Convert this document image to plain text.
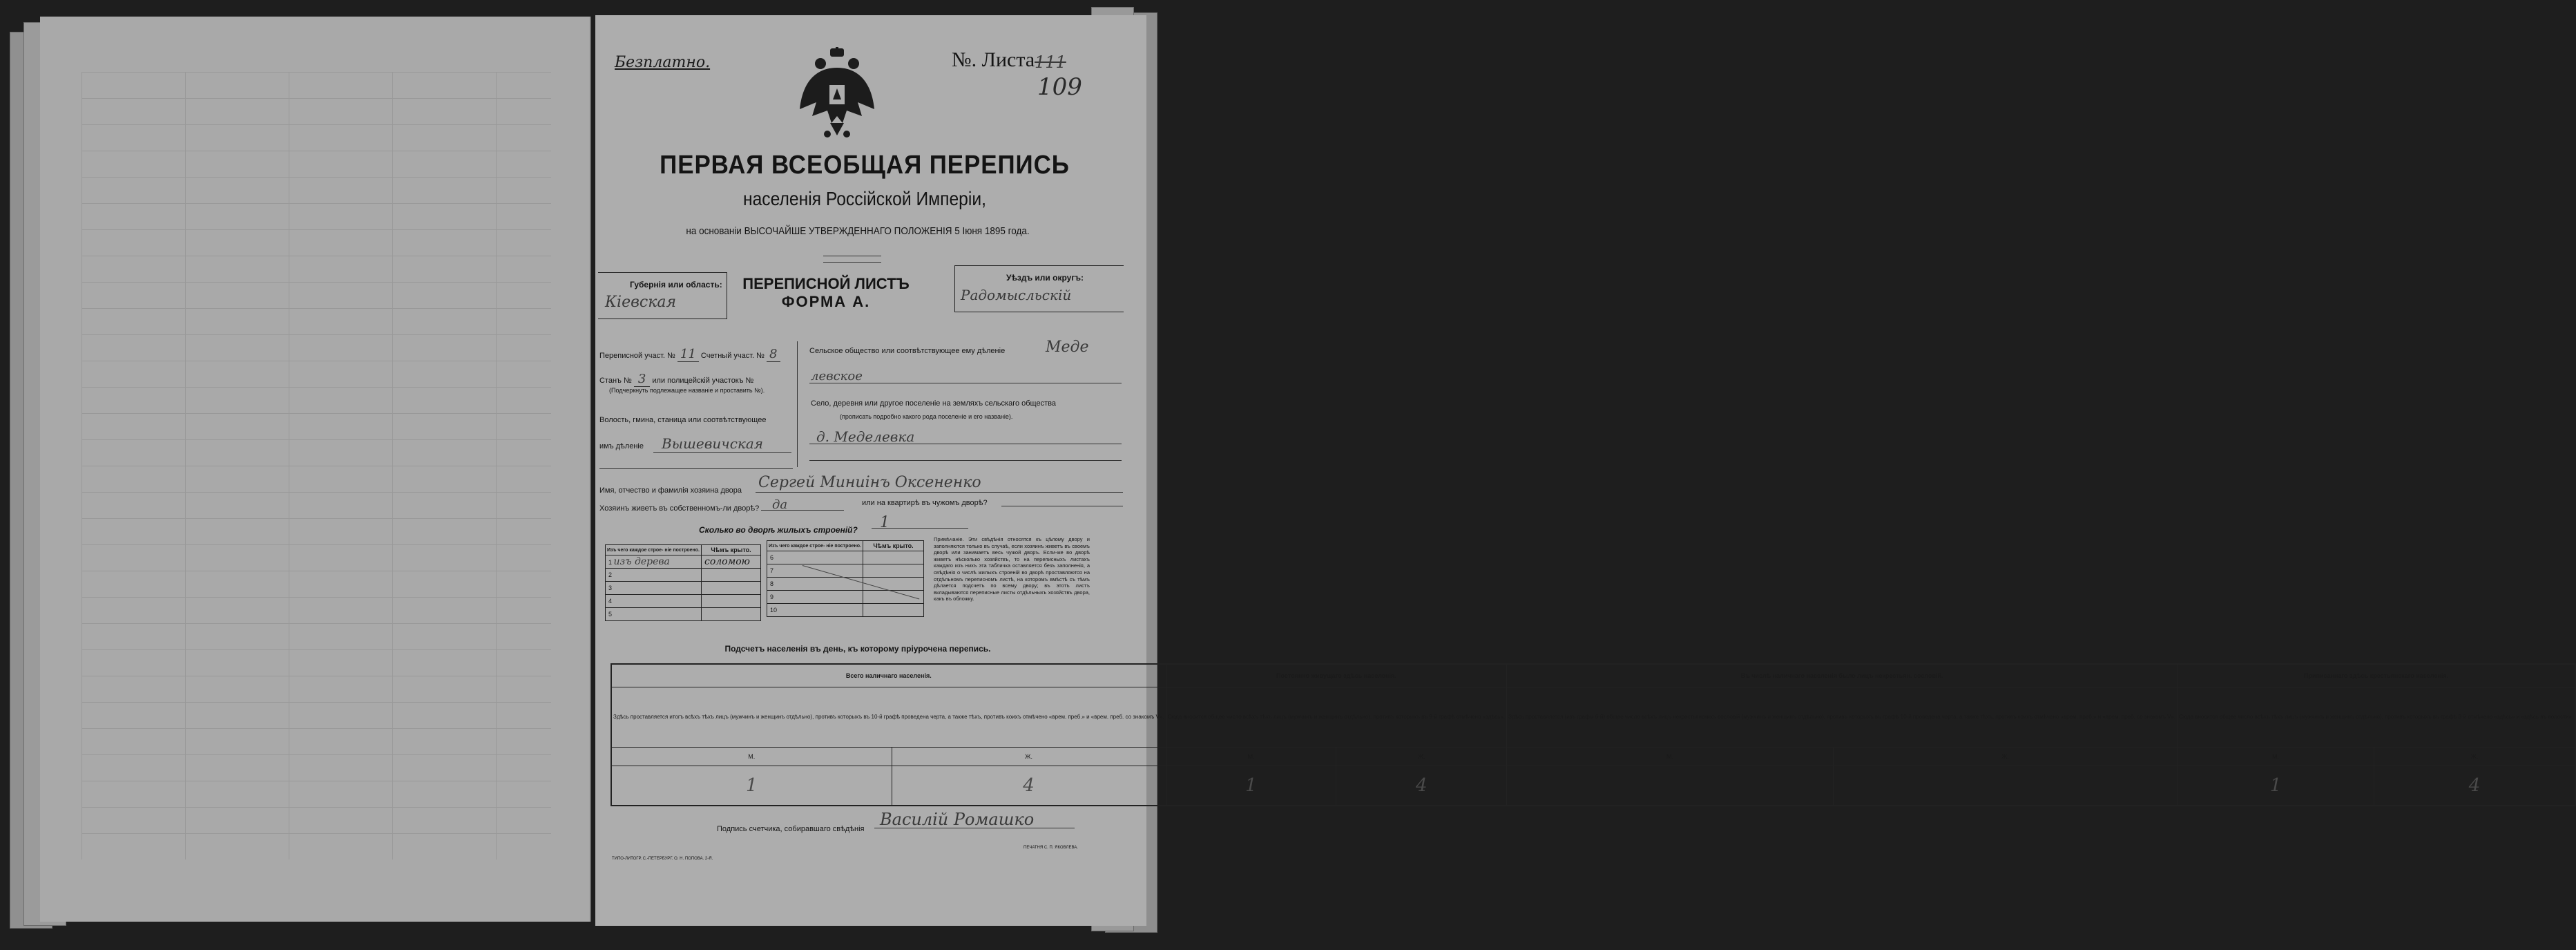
Безплатно.	№. Листа 111
109
ПЕРВАЯ ВСЕОБЩАЯ ПЕРЕПИСЬ
населенія Россійской Имперіи,
на основаніи ВЫСОЧАЙШЕ УТВЕРЖДЕННАГО ПОЛОЖЕНІЯ 5 Іюня 1895 года.
Губернія или область:
Кіевская
ПЕРЕПИСНОЙ ЛИСТЪ
ФОРМА А.
Уѣздъ или округъ:
Радомысльскій
Переписной участ. № 11 Счетный участ. № 8
Станъ № 3 или полицейскій участокъ №
(Подчеркнуть подлежащее названіе и проставить №).
Волость, гмина, станица или соотвѣтствующее
имъ дѣленіе Вышевичская
Сельское общество или соотвѣтствующее ему дѣленіе	Меде
левское
Село, деревня или другое поселеніе на земляхъ сельскаго общества
(прописать подробно какого рода поселеніе и его названіе).
д. Меделевка
Имя, отчество и фамилія хозяина двора Сергей Миниінъ Оксененко
Хозяинъ живетъ въ собственномъ-ли дворѣ? да	или на квартирѣ въ чужомъ дворѣ?
Сколько во дворѣ жилыхъ строеній? 1
Изъ чего каждое строе- ніе построено.	Чѣмъ крыто.
1 изъ дерева	соломою
2	
3	
4	
5	
Изъ чего каждое строе- ніе построено.	Чѣмъ крыто.
6	
7	
8	
9	
10	
Примѣчаніе. Эти свѣдѣнія относятся къ цѣлому двору и заполняются только въ случаѣ, если хозяинъ живетъ въ своемъ дворѣ или занимаетъ весь чужой дворъ. Если-же во дворѣ живетъ нѣсколько хозяйствъ, то на переписныхъ листахъ каждаго изъ нихъ эта табличка оставляется безъ заполненія, а свѣдѣнія о числѣ жилыхъ строеній во дворѣ проставляются на отдѣльномъ переписномъ листѣ, на которомъ вмѣстѣ съ тѣмъ дѣлается подсчетъ по всему двору; въ этотъ листъ вкладываются переписные листы отдѣльныхъ хозяйствъ двора, какъ въ обложку.
Подсчетъ населенія въ день, къ которому пріурочена перепись.
Всего наличнаго населенія.		Постоянно живущаго здѣсь населенія.		Въ числѣ наличнаго населенія было лицъ некрестьян. сословій.		Приписаннаго здѣсь крестьянскаго населенія.	
Здѣсь проставляется итогъ всѣхъ тѣхъ лицъ (мужчинъ и женщинъ отдѣльно), противъ которыхъ въ 10-й графѣ проведена черта, а также тѣхъ, противъ коихъ отмѣчено «врем. преб.» и «врем. преб. со знакомъ V».		Сюда вносится общее число всѣхъ тѣхъ лицъ (мужчинъ и женщинъ отдѣльно), противъ которыхъ въ 9-й графѣ отмѣчено «здѣсь».		Здѣсь проставляется (изъ графы 6-й) общее число всѣхъ лицъ некрестьянскихъ сословій (мужчинъ и женщинъ отдѣльно), противъ которыхъ въ графѣ 10-й проведена черта, а также тѣхъ, противъ коихъ отмѣчено «врем. преб.» и «врем. преб. со знакомъ V».		Сюда вносится общее число всѣхъ тѣхъ лицъ (мужчинъ и женщинъ отдѣльно), противъ которыхъ въ графѣ 8-й отмѣчено «здѣсь» и «здѣсь въ волости».	
М.	Ж.	М.	Ж.	М.	Ж.	М.	Ж.
1	4	1	4			1	4
Подпись счетчика, собиравшаго свѣдѣнія Василій Ромашко
ТИПО-ЛИТОГР. С.-ПЕТЕРБУРГ. О. Н. ПОПОВА. 2-Я.
ПЕЧАТНЯ С. П. ЯКОВЛЕВА.
